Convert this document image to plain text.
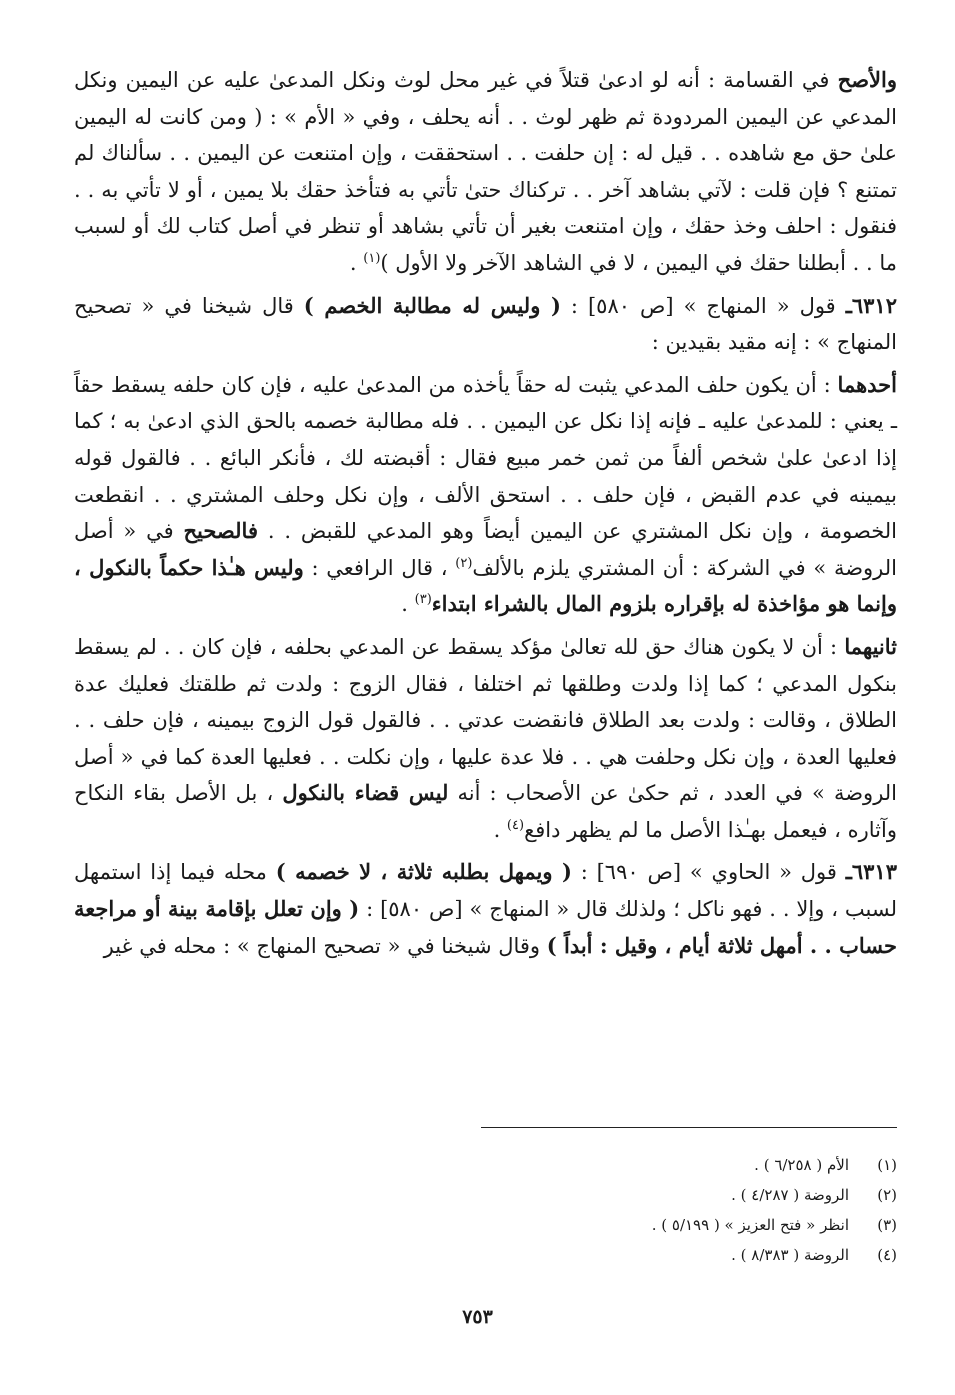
والأصح في القسامة : أنه لو ادعىٰ قتلاً في غير محل لوث ونكل المدعىٰ عليه عن اليمين ونكل المدعي عن اليمين المردودة ثم ظهر لوث . . أنه يحلف ، وفي « الأم » : ( ومن كانت له اليمين علىٰ حق مع شاهده . . قيل له : إن حلفت . . استحققت ، وإن امتنعت عن اليمين . . سألناك لم تمتنع ؟ فإن قلت : لآتي بشاهد آخر . . تركناك حتىٰ تأتي به فتأخذ حقك بلا يمين ، أو لا تأتي به . . فنقول : احلف وخذ حقك ، وإن امتنعت بغير أن تأتي بشاهد أو تنظر في أصل كتاب لك أو لسبب ما . . أبطلنا حقك في اليمين ، لا في الشاهد الآخر ولا الأول )$^{(١)}$ .

٦٣١٢ـ قول « المنهاج » [ص ٥٨٠] : ( وليس له مطالبة الخصم ) قال شيخنا في « تصحيح المنهاج » : إنه مقيد بقيدين :

أحدهما : أن يكون حلف المدعي يثبت له حقاً يأخذه من المدعىٰ عليه ، فإن كان حلفه يسقط حقاً ـ يعني : للمدعىٰ عليه ـ فإنه إذا نكل عن اليمين . . فله مطالبة خصمه بالحق الذي ادعىٰ به ؛ كما إذا ادعىٰ علىٰ شخص ألفاً من ثمن خمر مبيع فقال : أقبضته لك ، فأنكر البائع . . فالقول قوله بيمينه في عدم القبض ، فإن حلف . . استحق الألف ، وإن نكل وحلف المشتري . . انقطعت الخصومة ، وإن نكل المشتري عن اليمين أيضاً وهو المدعي للقبض . . فالصحيح في « أصل الروضة » في الشركة : أن المشتري يلزم بالألف$^{(٢)}$ ، قال الرافعي : وليس هـٰذا حكماً بالنكول ، وإنما هو مؤاخذة له بإقراره بلزوم المال بالشراء ابتداء$^{(٣)}$ .

ثانيهما : أن لا يكون هناك حق لله تعالىٰ مؤكد يسقط عن المدعي بحلفه ، فإن كان . . لم يسقط بنكول المدعي ؛ كما إذا ولدت وطلقها ثم اختلفا ، فقال الزوج : ولدت ثم طلقتك فعليك عدة الطلاق ، وقالت : ولدت بعد الطلاق فانقضت عدتي . . فالقول قول الزوج بيمينه ، فإن حلف . . فعليها العدة ، وإن نكل وحلفت هي . . فلا عدة عليها ، وإن نكلت . . فعليها العدة كما في « أصل الروضة » في العدد ، ثم حكىٰ عن الأصحاب : أنه ليس قضاء بالنكول ، بل الأصل بقاء النكاح وآثاره ، فيعمل بهـٰذا الأصل ما لم يظهر دافع$^{(٤)}$ .

٦٣١٣ـ قول « الحاوي » [ص ٦٩٠] : ( ويمهل بطلبه ثلاثة ، لا خصمه ) محله فيما إذا استمهل لسبب ، وإلا . . فهو ناكل ؛ ولذلك قال « المنهاج » [ص ٥٨٠] : ( وإن تعلل بإقامة بينة أو مراجعة حساب . . أمهل ثلاثة أيام ، وقيل : أبداً ) وقال شيخنا في « تصحيح المنهاج » : محله في غير

(١)
الأم ( ٦/٢٥٨ ) .
(٢)
الروضة ( ٤/٢٨٧ ) .
(٣)
انظر « فتح العزيز » ( ٥/١٩٩ ) .
(٤)
الروضة ( ٨/٣٨٣ ) .
٧٥٣
